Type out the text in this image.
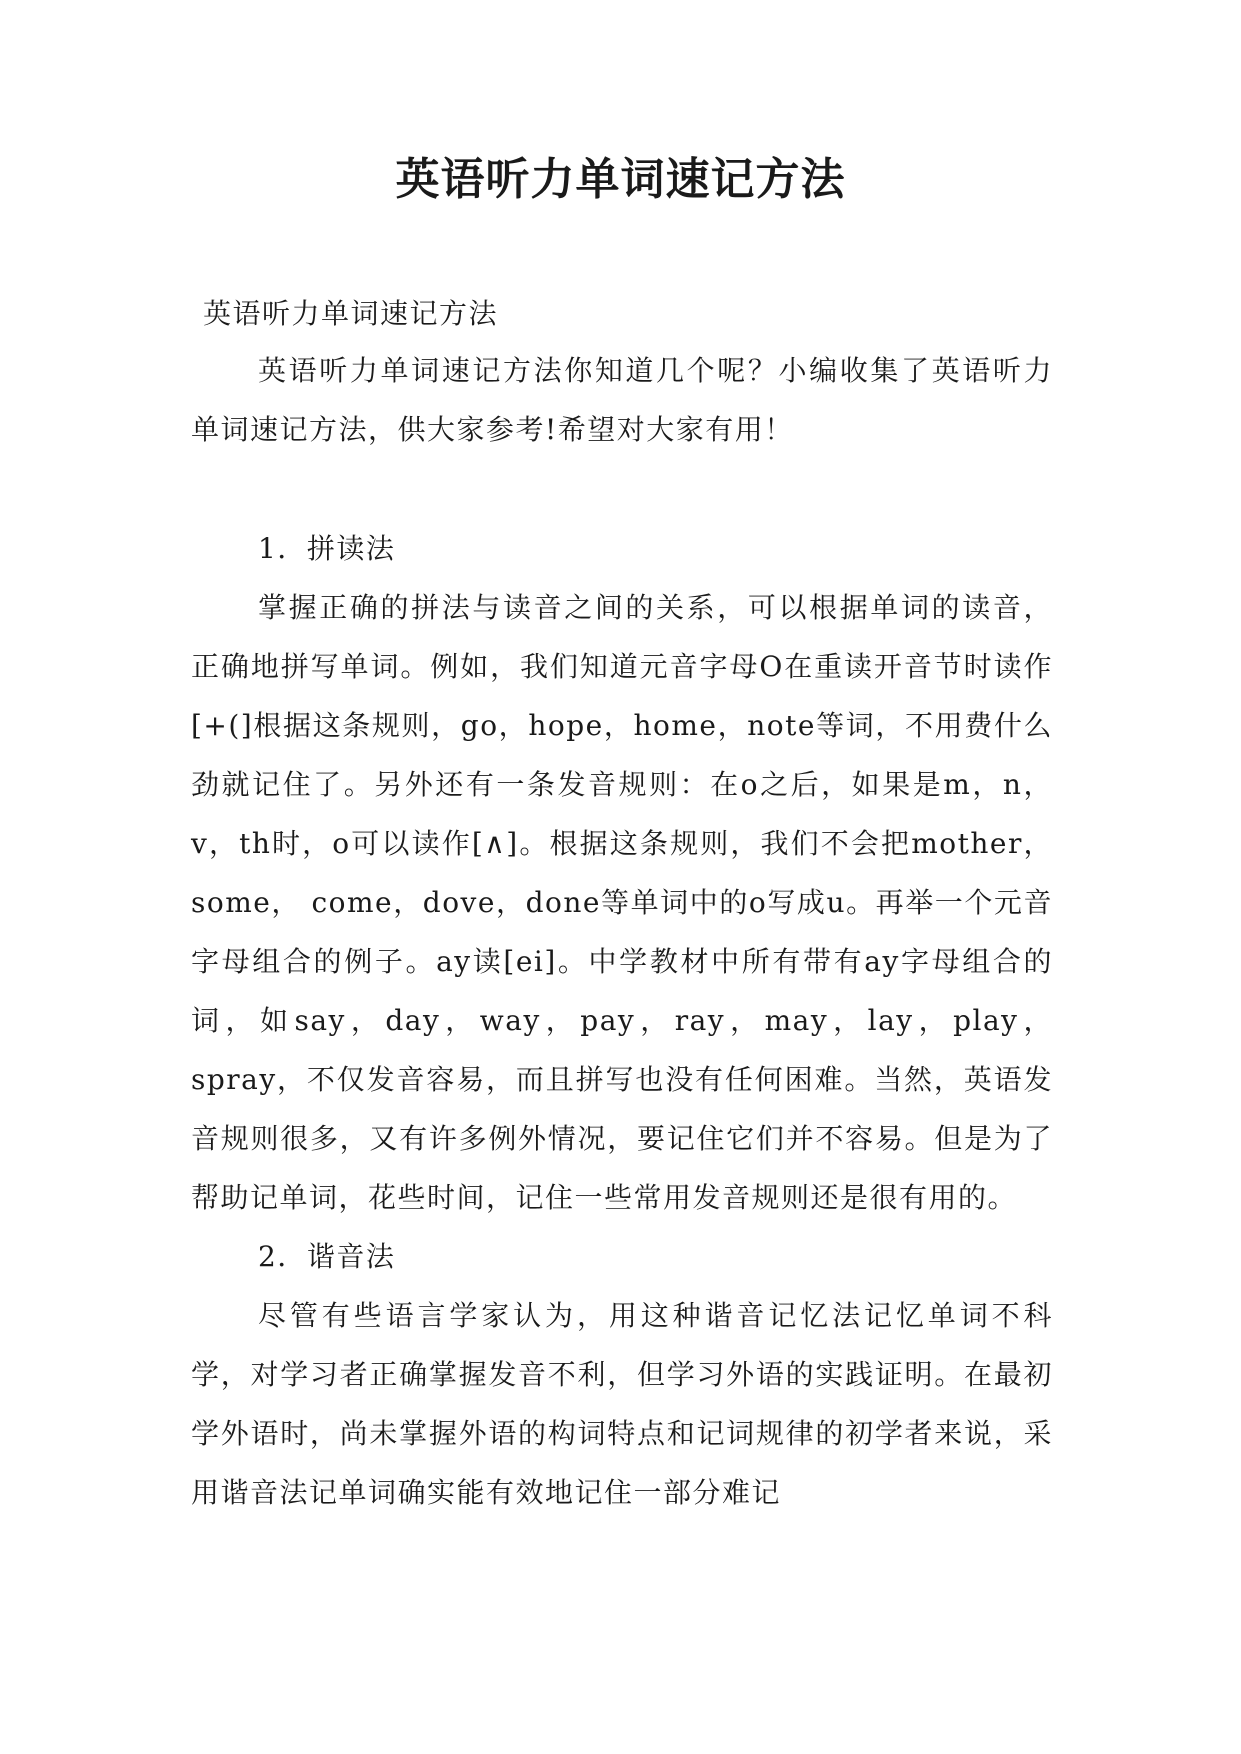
英语听力单词速记方法

英语听力单词速记方法

英语听力单词速记方法你知道几个呢？小编收集了英语听力单词速记方法，供大家参考!希望对大家有用！

1．拼读法

掌握正确的拼法与读音之间的关系，可以根据单词的读音，正确地拼写单词。例如，我们知道元音字母O在重读开音节时读作[+(]根据这条规则，go，hope，home，note等词，不用费什么劲就记住了。另外还有一条发音规则：在o之后，如果是m，n，v，th时，o可以读作[∧]。根据这条规则，我们不会把mother， some， come，dove，done等单词中的o写成u。再举一个元音字母组合的例子。ay读[ei]。中学教材中所有带有ay字母组合的词，如say，day，way，pay，ray，may，lay，play，spray，不仅发音容易，而且拼写也没有任何困难。当然，英语发音规则很多，又有许多例外情况，要记住它们并不容易。但是为了帮助记单词，花些时间，记住一些常用发音规则还是很有用的。

2．谐音法

尽管有些语言学家认为，用这种谐音记忆法记忆单词不科学，对学习者正确掌握发音不利，但学习外语的实践证明。在最初学外语时，尚未掌握外语的构词特点和记词规律的初学者来说，采用谐音法记单词确实能有效地记住一部分难记
